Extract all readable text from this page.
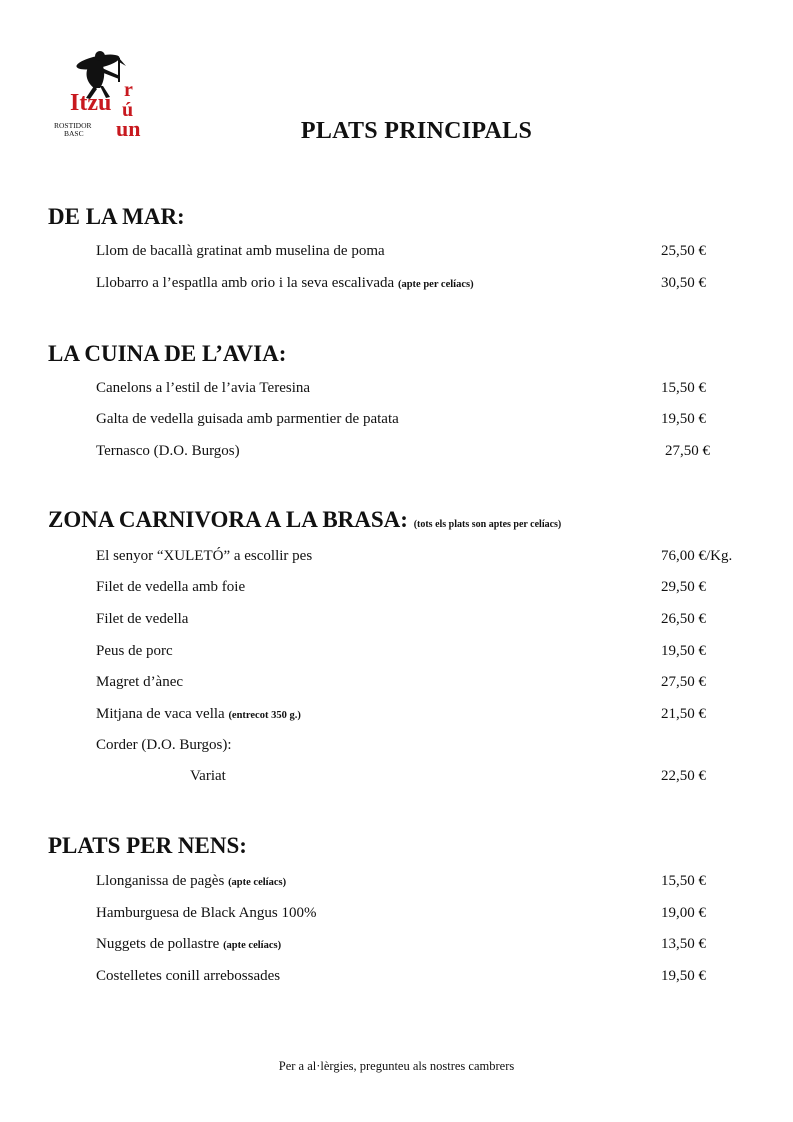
Itzu r
ú
un
ROSTIDOR
BASC	PLATS PRINCIPALS
DE LA MAR:
Llom de bacallà gratinat amb muselina de poma	25,50 €
Llobarro a l’espatlla amb orio i la seva escalivada (apte per celíacs)	30,50 €
LA CUINA DE L’AVIA:
Canelons a l’estil de l’avia Teresina	15,50 €
Galta de vedella guisada amb parmentier de patata	19,50 €
Ternasco (D.O. Burgos)	27,50 €
ZONA CARNIVORA A LA BRASA: (tots els plats son aptes per celíacs)
El senyor “XULETÓ” a escollir pes	76,00 €/Kg.
Filet de vedella amb foie	29,50 €
Filet de vedella	26,50 €
Peus de porc	19,50 €
Magret d’ànec	27,50 €
Mitjana de vaca vella (entrecot 350 g.)	21,50 €
Corder (D.O. Burgos):
Variat	22,50 €
PLATS PER NENS:
Llonganissa de pagès (apte celíacs)	15,50 €
Hamburguesa de Black Angus 100%	19,00 €
Nuggets de pollastre (apte celíacs)	13,50 €
Costelletes conill arrebossades	19,50 €
Per a al·lèrgies, pregunteu als nostres cambrers
